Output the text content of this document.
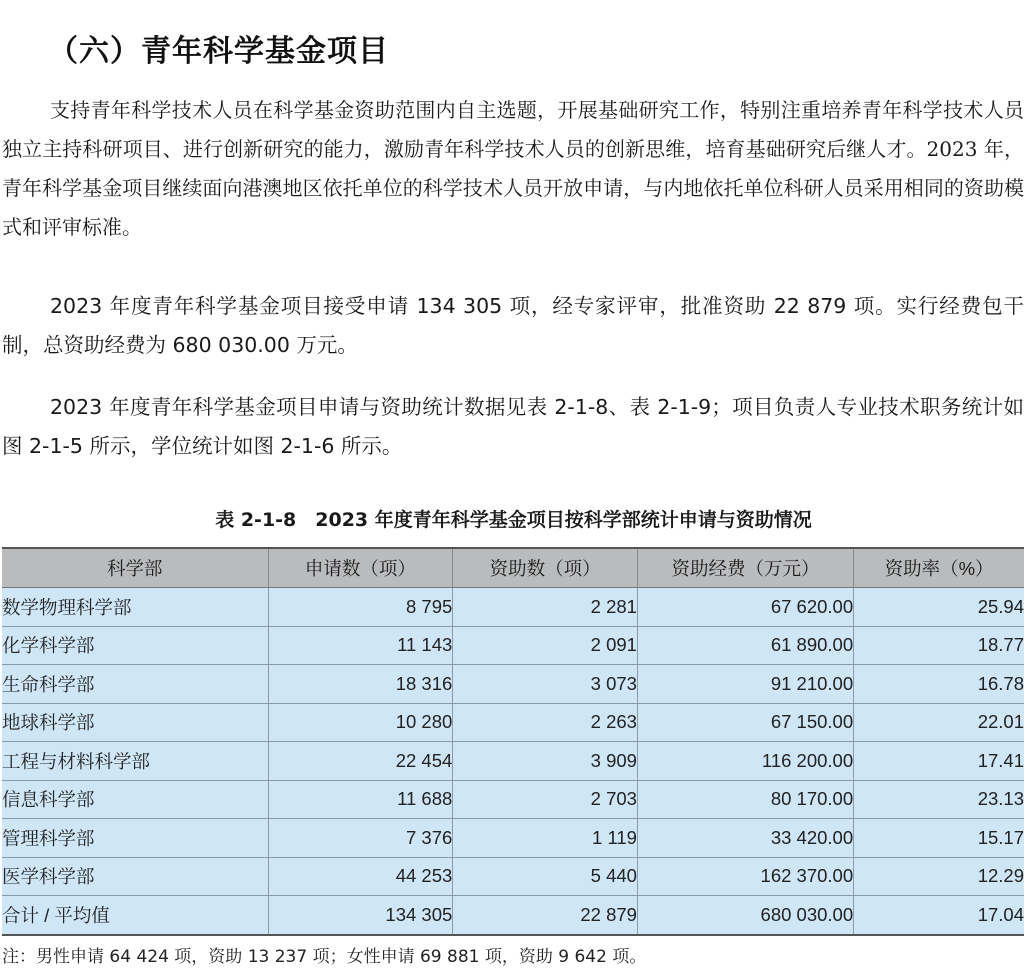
（六）青年科学基金项目

支持青年科学技术人员在科学基金资助范围内自主选题，开展基础研究工作，特别注重培养青年科学技术人员独立主持科研项目、进行创新研究的能力，激励青年科学技术人员的创新思维，培育基础研究后继人才。2023 年，青年科学基金项目继续面向港澳地区依托单位的科学技术人员开放申请，与内地依托单位科研人员采用相同的资助模式和评审标准。

2023 年度青年科学基金项目接受申请 134 305 项，经专家评审，批准资助 22 879 项。实行经费包干制，总资助经费为 680 030.00 万元。

2023 年度青年科学基金项目申请与资助统计数据见表 2-1-8、表 2-1-9；项目负责人专业技术职务统计如图 2-1-5 所示，学位统计如图 2-1-6 所示。

表 2-1-8　2023 年度青年科学基金项目按科学部统计申请与资助情况
科学部	申请数（项）	资助数（项）	资助经费（万元）	资助率（%）
数学物理科学部	8 795	2 281	67 620.00	25.94
化学科学部	11 143	2 091	61 890.00	18.77
生命科学部	18 316	3 073	91 210.00	16.78
地球科学部	10 280	2 263	67 150.00	22.01
工程与材料科学部	22 454	3 909	116 200.00	17.41
信息科学部	11 688	2 703	80 170.00	23.13
管理科学部	7 376	1 119	33 420.00	15.17
医学科学部	44 253	5 440	162 370.00	12.29
合计 / 平均值	134 305	22 879	680 030.00	17.04
注：男性申请 64 424 项，资助 13 237 项；女性申请 69 881 项，资助 9 642 项。
